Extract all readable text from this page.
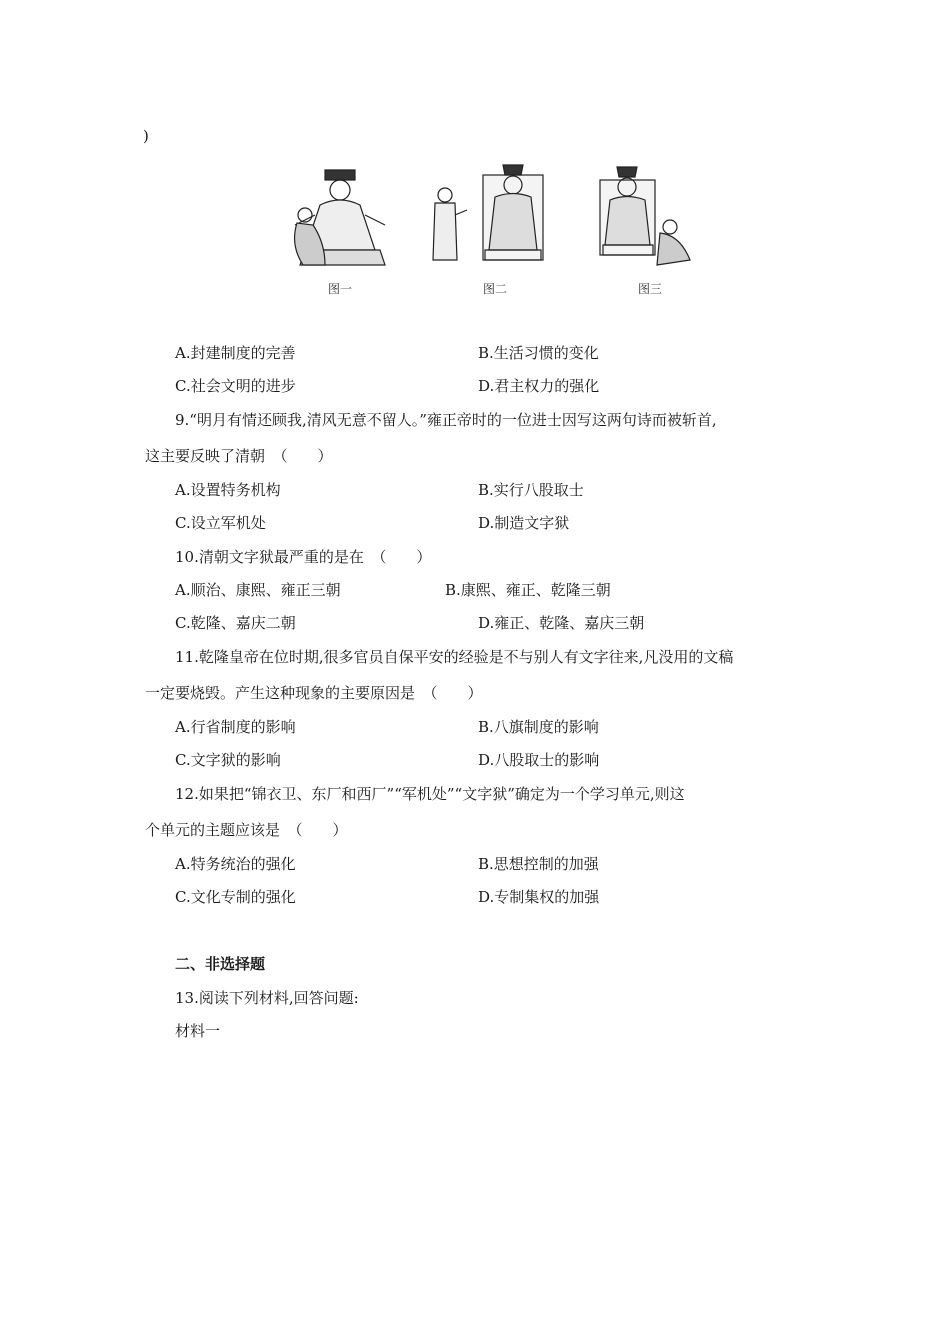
)
图一	图二	图三
A.封建制度的完善	B.生活习惯的变化
C.社会文明的进步	D.君主权力的强化
9.“明月有情还顾我,清风无意不留人。”雍正帝时的一位进士因写这两句诗而被斩首,
这主要反映了清朝　（　　）
A.设置特务机构	B.实行八股取士
C.设立军机处	D.制造文字狱
10.清朝文字狱最严重的是在　（　　）
A.顺治、康熙、雍正三朝	B.康熙、雍正、乾隆三朝
C.乾隆、嘉庆二朝	D.雍正、乾隆、嘉庆三朝
11.乾隆皇帝在位时期,很多官员自保平安的经验是不与别人有文字往来,凡没用的文稿
一定要烧毁。产生这种现象的主要原因是　（　　）
A.行省制度的影响	B.八旗制度的影响
C.文字狱的影响	D.八股取士的影响
12.如果把“锦衣卫、东厂和西厂”“军机处”“文字狱”确定为一个学习单元,则这
个单元的主题应该是　（　　）
A.特务统治的强化	B.思想控制的加强
C.文化专制的强化	D.专制集权的加强
二、非选择题
13.阅读下列材料,回答问题:
材料一
